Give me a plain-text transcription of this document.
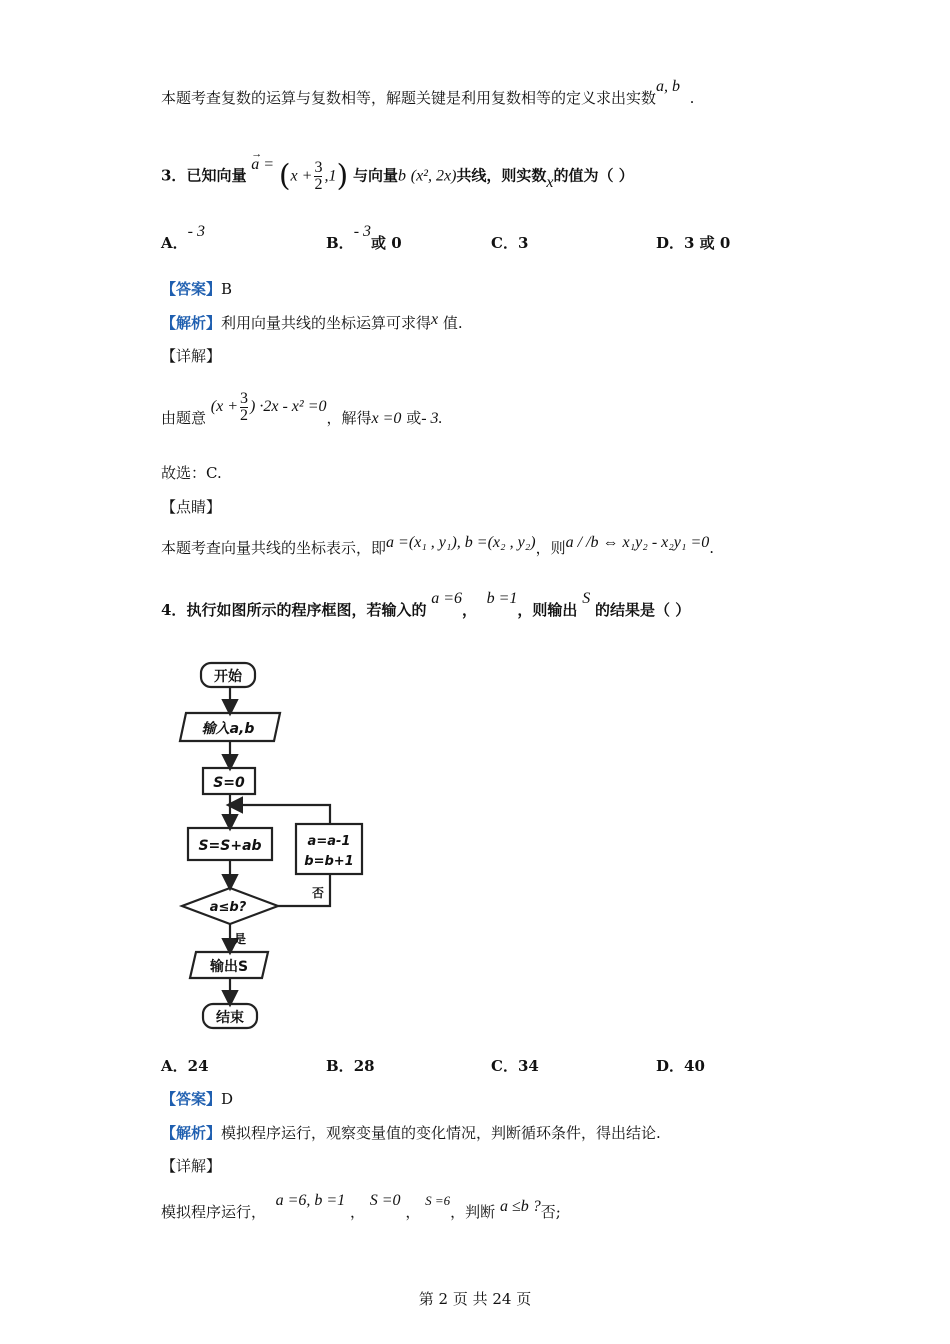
本题考查复数的运算与复数相等，解题关键是利用复数相等的定义求出实数a, b  .
3．已知向量
→
$a = (x + \frac{3}{2} ,1)$ 与向量b (x², 2x)共线，则实数x的值为（ ）
A．- 3
B．- 3或 0	C．3	D．3 或 0
【答案】B
【解析】利用向量共线的坐标运算可求得x 值.
【详解】
由题意 ($x + \frac{3}{2}$ ) ·2x - x² =0，解得x =0 或- 3.
故选：C.
【点睛】
本题考查向量共线的坐标表示，即a =(x₁ , y₁), b =(x₂ , y₂)，则a / /b ⇔ x₁y₂ - x₂y₁ =0.
4．执行如图所示的程序框图，若输入的 a =6，  b =1，则输出 S 的结果是（ ）
开始
输入a,b
S=0
S=S+ab	a=a-1
b=b+1
a≤b?
是
否
输出S
结束
A．24	B．28	C．34	D．40
【答案】D
【解析】模拟程序运行，观察变量值的变化情况，判断循环条件，得出结论.
【详解】
模拟程序运行，  a =6, b =1 ， S =0 ， S =6，判断 a ≤b ?否;
第 2 页 共 24 页
